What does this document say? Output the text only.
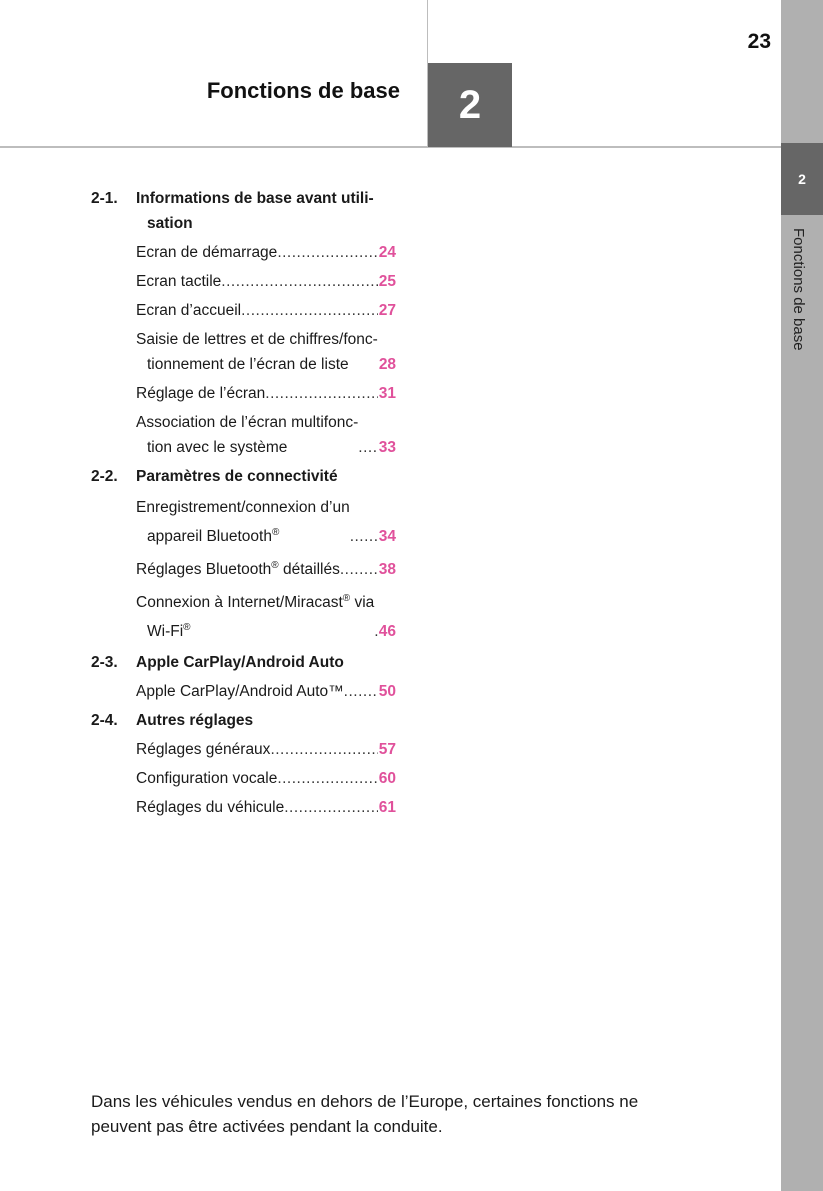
Fonctions de base	2
23
2
Fonctions de base
2-1.	Informations de base avant utili-
sation
Ecran de démarrage .....	24
Ecran tactile .....	25
Ecran d’accueil .....	27
Saisie de lettres et de chiffres/fonc-
tionnement de l’écran de liste	28
Réglage de l’écran .....	31
Association de l’écran multifonc-
tion avec le système .....	33
2-2.	Paramètres de connectivité
Enregistrement/connexion d’un
appareil Bluetooth® .....	34
Réglages Bluetooth® détaillés .....	38
Connexion à Internet/Miracast® via
Wi-Fi® .....	46
2-3.	Apple CarPlay/Android Auto
Apple CarPlay/Android Auto™ ..... 50
2-4.	Autres réglages
Réglages généraux .....	57
Configuration vocale .....	60
Réglages du véhicule .....	61
Dans les véhicules vendus en dehors de l’Europe, certaines fonctions ne peuvent pas être activées pendant la conduite.
